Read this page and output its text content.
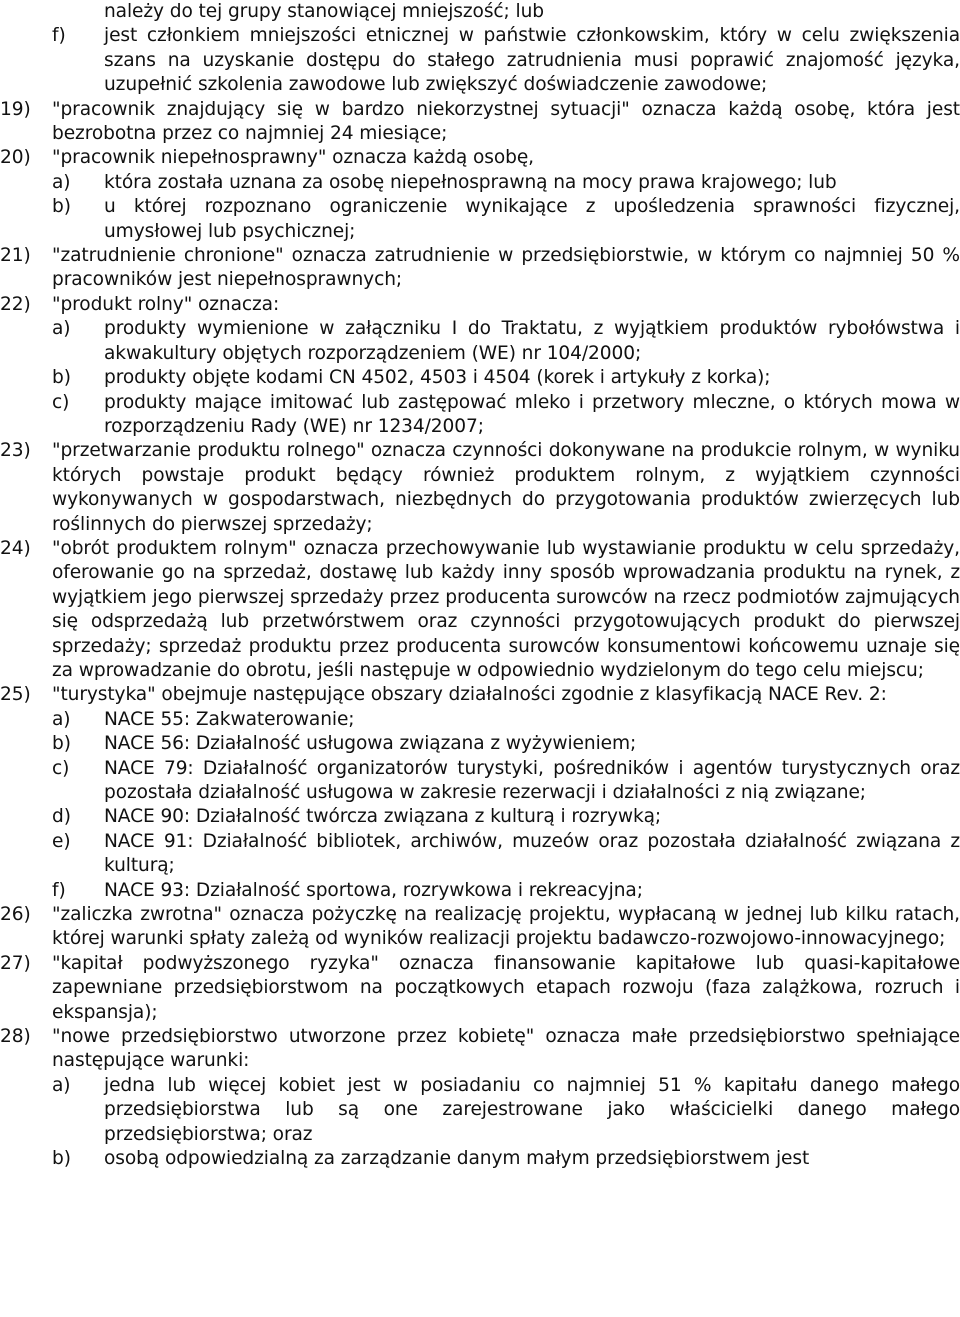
należy do tej grupy stanowiącej mniejszość; lub
f) jest członkiem mniejszości etnicznej w państwie członkowskim, który w celu zwiększenia szans na uzyskanie dostępu do stałego zatrudnienia musi poprawić znajomość języka, uzupełnić szkolenia zawodowe lub zwiększyć doświadczenie zawodowe;
19) "pracownik znajdujący się w bardzo niekorzystnej sytuacji" oznacza każdą osobę, która jest bezrobotna przez co najmniej 24 miesiące;
20) "pracownik niepełnosprawny" oznacza każdą osobę,
a) która została uznana za osobę niepełnosprawną na mocy prawa krajowego; lub
b) u której rozpoznano ograniczenie wynikające z upośledzenia sprawności fizycznej, umysłowej lub psychicznej;
21) "zatrudnienie chronione" oznacza zatrudnienie w przedsiębiorstwie, w którym co najmniej 50 % pracowników jest niepełnosprawnych;
22) "produkt rolny" oznacza:
a) produkty wymienione w załączniku I do Traktatu, z wyjątkiem produktów rybołówstwa i akwakultury objętych rozporządzeniem (WE) nr 104/2000;
b) produkty objęte kodami CN 4502, 4503 i 4504 (korek i artykuły z korka);
c) produkty mające imitować lub zastępować mleko i przetwory mleczne, o których mowa w rozporządzeniu Rady (WE) nr 1234/2007;
23) "przetwarzanie produktu rolnego" oznacza czynności dokonywane na produkcie rolnym, w wyniku których powstaje produkt będący również produktem rolnym, z wyjątkiem czynności wykonywanych w gospodarstwach, niezbędnych do przygotowania produktów zwierzęcych lub roślinnych do pierwszej sprzedaży;
24) "obrót produktem rolnym" oznacza przechowywanie lub wystawianie produktu w celu sprzedaży, oferowanie go na sprzedaż, dostawę lub każdy inny sposób wprowadzania produktu na rynek, z wyjątkiem jego pierwszej sprzedaży przez producenta surowców na rzecz podmiotów zajmujących się odsprzedażą lub przetwórstwem oraz czynności przygotowujących produkt do pierwszej sprzedaży; sprzedaż produktu przez producenta surowców konsumentowi końcowemu uznaje się za wprowadzanie do obrotu, jeśli następuje w odpowiednio wydzielonym do tego celu miejscu;
25) "turystyka" obejmuje następujące obszary działalności zgodnie z klasyfikacją NACE Rev. 2:
a) NACE 55: Zakwaterowanie;
b) NACE 56: Działalność usługowa związana z wyżywieniem;
c) NACE 79: Działalność organizatorów turystyki, pośredników i agentów turystycznych oraz pozostała działalność usługowa w zakresie rezerwacji i działalności z nią związane;
d) NACE 90: Działalność twórcza związana z kulturą i rozrywką;
e) NACE 91: Działalność bibliotek, archiwów, muzeów oraz pozostała działalność związana z kulturą;
f) NACE 93: Działalność sportowa, rozrywkowa i rekreacyjna;
26) "zaliczka zwrotna" oznacza pożyczkę na realizację projektu, wypłacaną w jednej lub kilku ratach, której warunki spłaty zależą od wyników realizacji projektu badawczo-rozwojowo-innowacyjnego;
27) "kapitał podwyższonego ryzyka" oznacza finansowanie kapitałowe lub quasi-kapitałowe zapewniane przedsiębiorstwom na początkowych etapach rozwoju (faza zalążkowa, rozruch i ekspansja);
28) "nowe przedsiębiorstwo utworzone przez kobietę" oznacza małe przedsiębiorstwo spełniające następujące warunki:
a) jedna lub więcej kobiet jest w posiadaniu co najmniej 51 % kapitału danego małego przedsiębiorstwa lub są one zarejestrowane jako właścicielki danego małego przedsiębiorstwa; oraz
b) osobą odpowiedzialną za zarządzanie danym małym przedsiębiorstwem jest
